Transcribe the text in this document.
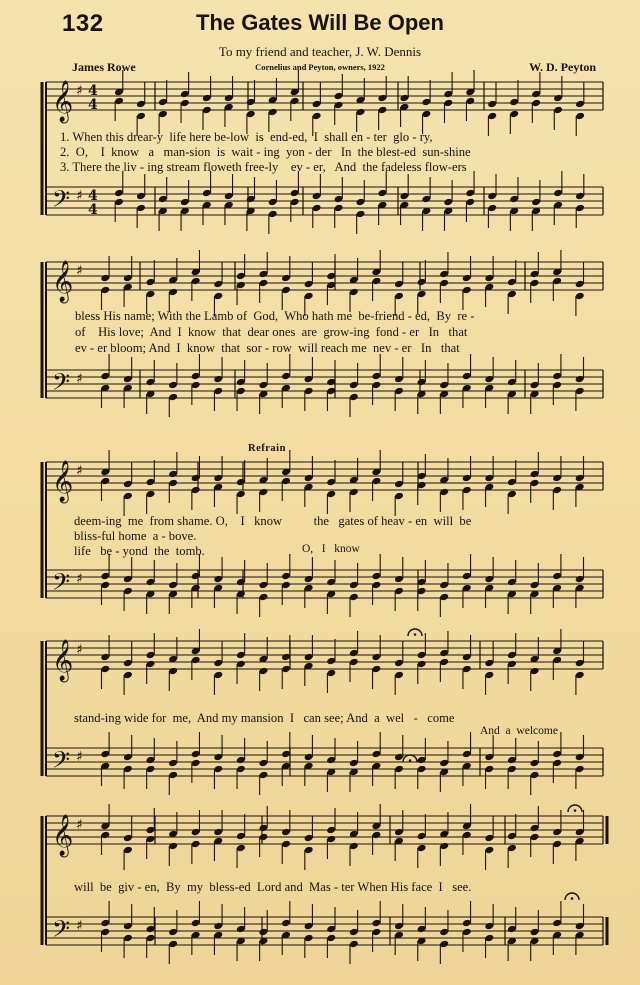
132	The Gates Will Be Open
To my friend and teacher, J. W. Dennis
James Rowe	Cornelius and Peyton, owners, 1922	W. D. Peyton
𝄞 ♯ 4
4
𝄢 ♯ 4
4
𝄞 ♯
𝄢 ♯
𝄞 ♯
𝄢 ♯
𝄞 ♯
𝄢 ♯
𝄞 ♯
𝄢 ♯
Refrain
1. When this drear-y  life here be-low  is  end-ed,  I  shall en - ter  glo - ry,
2.  O,    I  know   a   man-sion  is  wait - ing  yon - der   In  the blest-ed  sun-shine
3. There the liv - ing stream floweth free-ly    ev - er,   And  the fadeless flow-ers
bless His name; With the Lamb of  God,  Who hath me  be-friend - ed,  By  re -
of    His love;  And  I  know  that  dear ones  are  grow-ing  fond - er   In   that
ev - er bloom; And  I  know  that  sor - row  will reach me  nev - er   In   that
deem-ing  me  from shame. O,    I   know          the   gates of heav - en  will  be
bliss-ful home  a - bove.
life   be - yond  the  tomb.	O,   I   know
stand-ing wide for  me,  And my mansion  I   can see; And  a  wel   -   come
And  a  welcome
will  be  giv - en,  By  my  bless-ed  Lord and  Mas - ter When His face  I   see.
